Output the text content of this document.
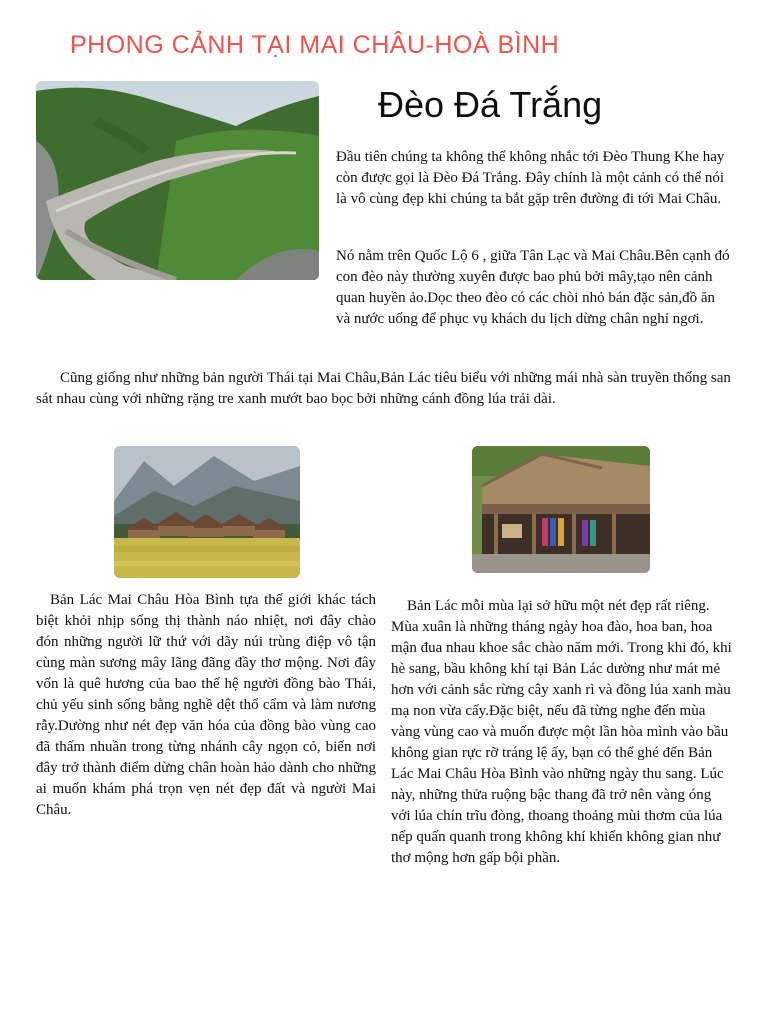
PHONG CẢNH TẠI MAI CHÂU-HOÀ BÌNH
Đèo Đá Trắng

Đầu tiên chúng ta không thể không nhắc tới Đèo Thung Khe hay còn được gọi là Đèo Đá Trắng. Đây chính là một cảnh có thể nói là vô cùng đẹp khi chúng ta bắt gặp trên đường đi tới Mai Châu.

Nó nằm trên Quốc Lộ 6 , giữa Tân Lạc và Mai Châu.Bên cạnh đó con đèo này thường xuyên được bao phủ bởi mây,tạo nên cảnh quan huyền ảo.Dọc theo đèo có các chòi nhỏ bán đặc sản,đồ ăn và nước uống để phục vụ khách du lịch dừng chân nghỉ ngơi.

Cũng giống như những bản người Thái tại Mai Châu,Bản Lác tiêu biểu với những mái nhà sàn truyền thống san sát nhau cùng với những rặng tre xanh mướt bao bọc bởi những cánh đồng lúa trải dài.

Bản Lác Mai Châu Hòa Bình tựa thế giới khác tách biệt khỏi nhịp sống thị thành náo nhiệt, nơi đây chào đón những người lữ thứ với dãy núi trùng điệp vô tận cùng màn sương mây lãng đãng đầy thơ mộng. Nơi đây vốn là quê hương của bao thế hệ người đồng bào Thái, chủ yếu sinh sống bằng nghề dệt thổ cẩm và làm nương rẫy.Dường như nét đẹp văn hóa của đồng bào vùng cao đã thấm nhuần trong từng nhánh cây ngọn cỏ, biến nơi đây trở thành điểm dừng chân hoàn hảo dành cho những ai muốn khám phá trọn vẹn nét đẹp đất và người Mai Châu.

Bản Lác mỗi mùa lại sở hữu một nét đẹp rất riêng. Mùa xuân là những tháng ngày hoa đào, hoa ban, hoa mận đua nhau khoe sắc chào năm mới. Trong khi đó, khi hè sang, bầu không khí tại Bản Lác dường như mát mẻ hơn với cảnh sắc rừng cây xanh rì và đồng lúa xanh màu mạ non vừa cấy.Đặc biệt, nếu đã từng nghe đến mùa vàng vùng cao và muốn được một lần hòa mình vào bầu không gian rực rỡ tráng lệ ấy, bạn có thể ghé đến Bản Lác Mai Châu Hòa Bình vào những ngày thu sang. Lúc này, những thửa ruộng bậc thang đã trở nên vàng óng với lúa chín trĩu đòng, thoang thoảng mùi thơm của lúa nếp quấn quanh trong không khí khiến không gian như thơ mộng hơn gấp bội phần.
